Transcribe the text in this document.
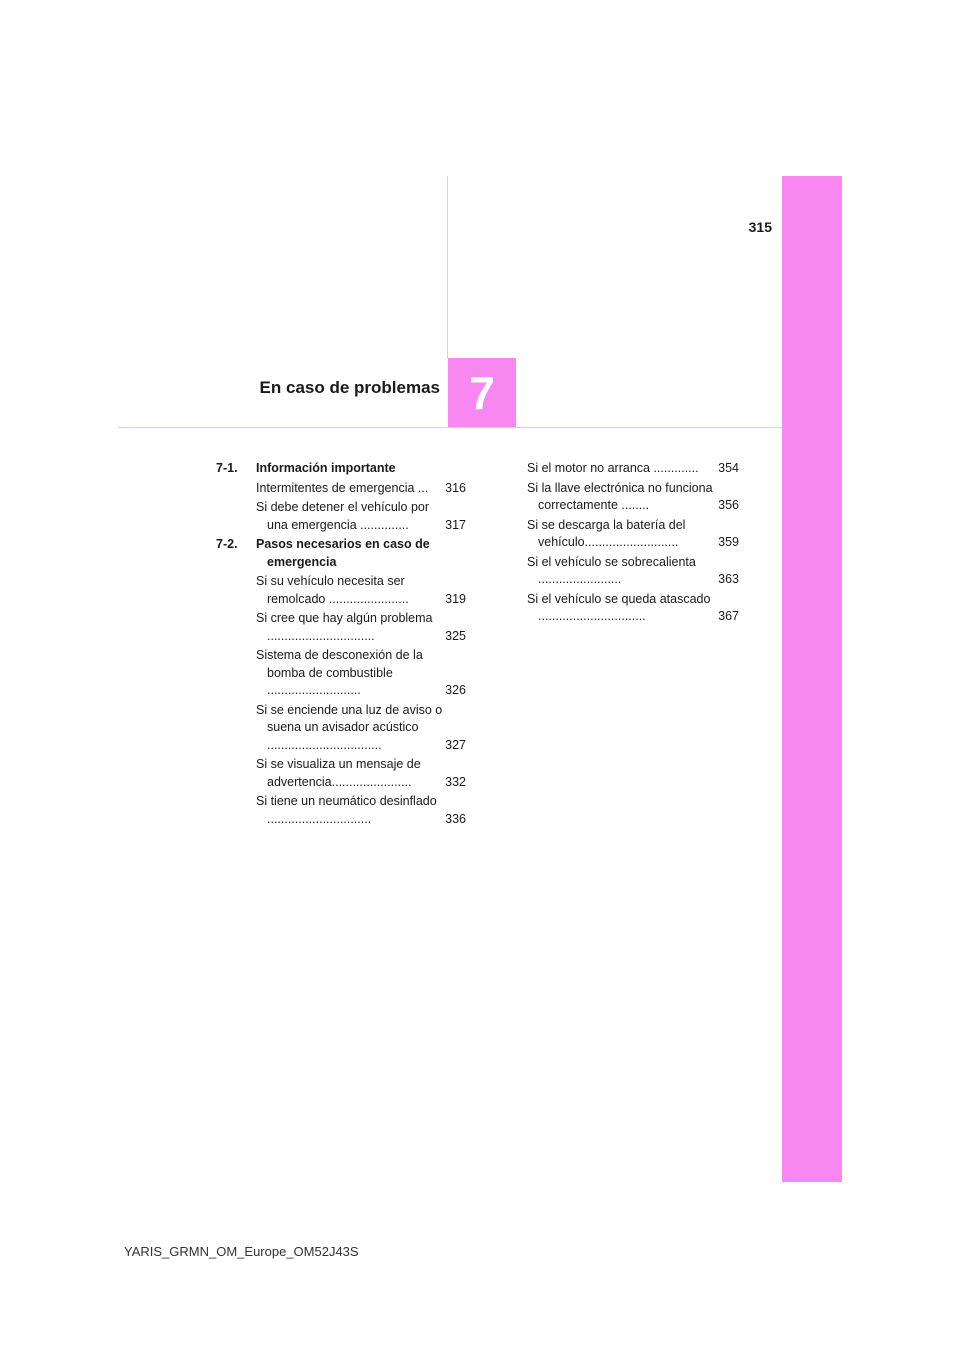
315
En caso de problemas 7
7-1.	Información importante
Intermitentes de emergencia ...	316
Si debe detener el vehículo por una emergencia ..............	317
7-2.	Pasos necesarios en caso de emergencia
Si su vehículo necesita ser remolcado .......................	319
Si cree que hay algún problema ...............................	325
Sistema de desconexión de la bomba de combustible ...........................	326
Si se enciende una luz de aviso o suena un avisador acústico .................................	327
Si se visualiza un mensaje de advertencia.......................	332
Si tiene un neumático desinflado ..............................	336
Si el motor no arranca .............	354
Si la llave electrónica no funciona correctamente ........	356
Si se descarga la batería del vehículo...........................	359
Si el vehículo se sobrecalienta ........................	363
Si el vehículo se queda atascado ...............................	367
YARIS_GRMN_OM_Europe_OM52J43S
